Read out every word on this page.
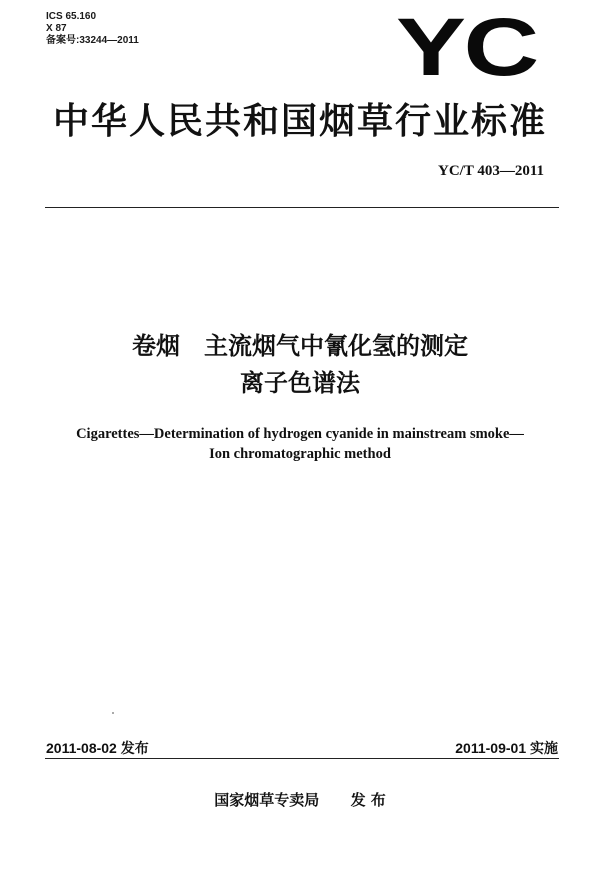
ICS 65.160
X 87
备案号:33244—2011	YC
中华人民共和国烟草行业标准
YC/T 403—2011
卷烟　主流烟气中氰化氢的测定
离子色谱法
Cigarettes—Determination of hydrogen cyanide in mainstream smoke—
Ion chromatographic method
2011-08-02 发布	2011-09-01 实施
国家烟草专卖局 发 布
